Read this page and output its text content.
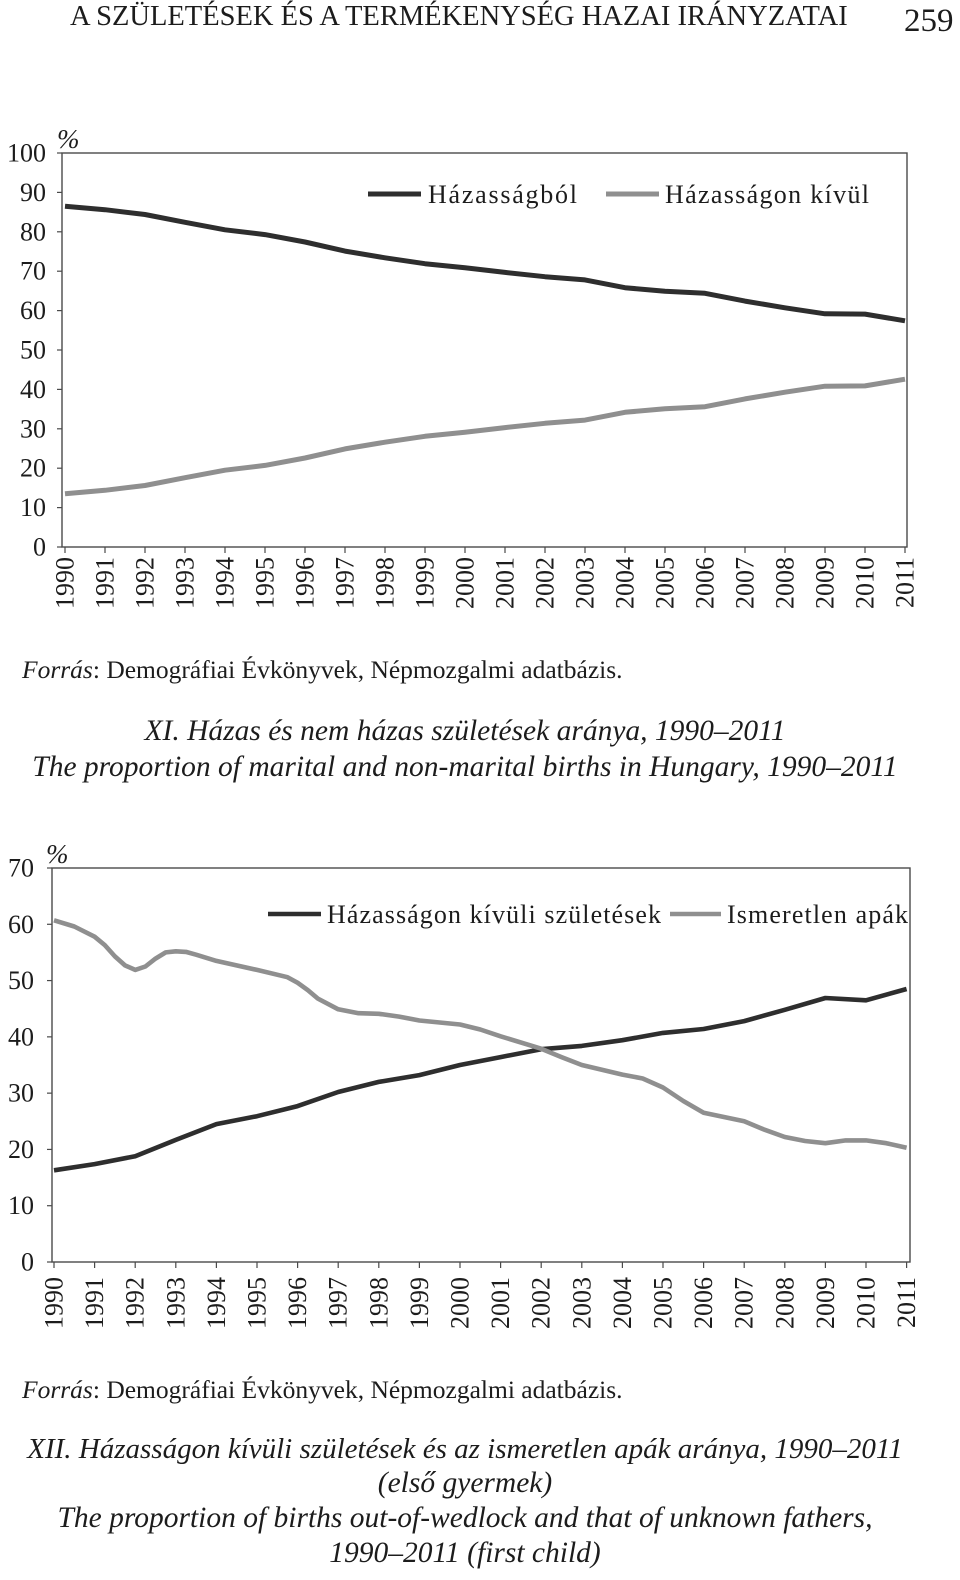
A SZÜLETÉSEK ÉS A TERMÉKENYSÉG HAZAI IRÁNYZATAI 259
0
10
20
30
40
50
60
70
80
90
100
1990 1991 1992 1993 1994 1995 1996 1997 1998 1999 2000 2001 2002 2003 2004 2005 2006 2007 2008 2009 2010 2011
Házasságból	Házasságon kívül
%
Forrás: Demográfiai Évkönyvek, Népmozgalmi adatbázis.
XI. Házas és nem házas születések aránya, 1990–2011
The proportion of marital and non-marital births in Hungary, 1990–2011
0
10
20
30
40
50
60
70
1990 1991 1992 1993 1994 1995 1996 1997 1998 1999 2000 2001 2002 2003 2004 2005 2006 2007 2008 2009 2010 2011
Házasságon kívüli születések	Ismeretlen apák
%
Forrás: Demográfiai Évkönyvek, Népmozgalmi adatbázis.
XII. Házasságon kívüli születések és az ismeretlen apák aránya, 1990–2011
(első gyermek)
The proportion of births out-of-wedlock and that of unknown fathers,
1990–2011 (first child)
